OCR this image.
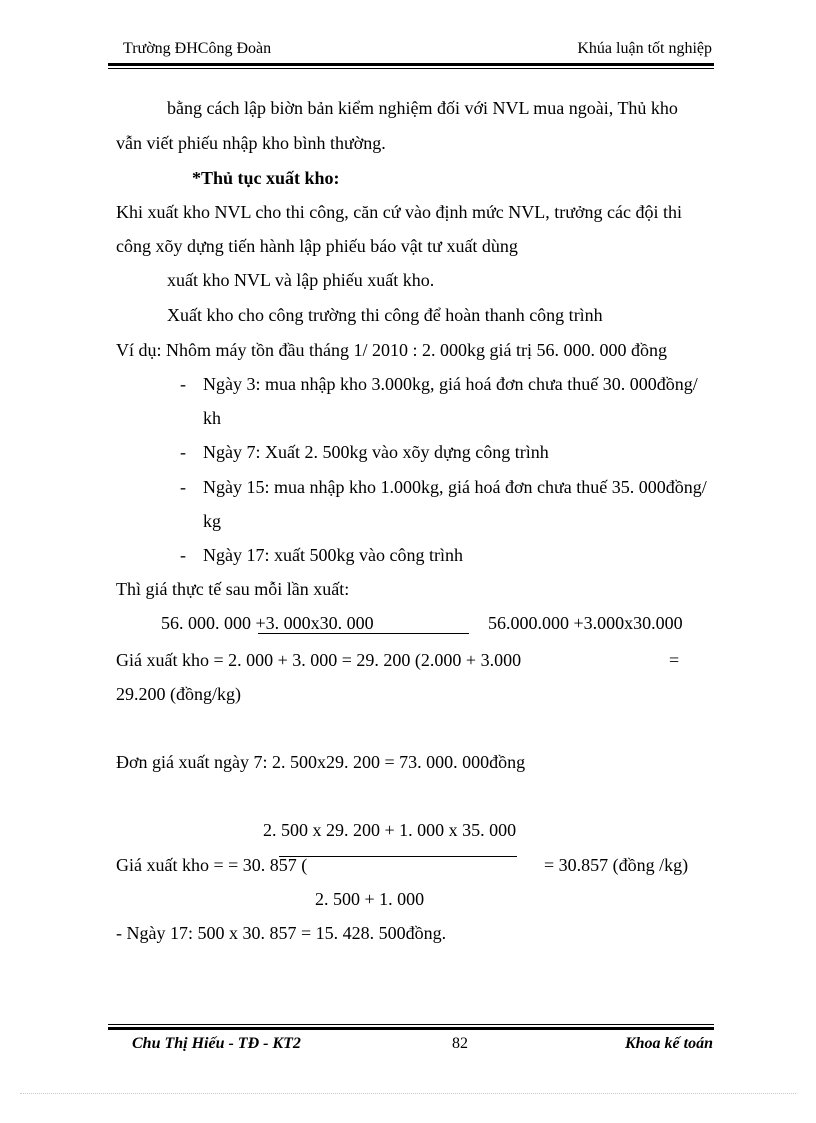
Trường ĐHCông Đoàn	Khúa luận tốt nghiệp
bằng cách lập biờn bản kiểm nghiệm đối với NVL mua ngoài, Thủ kho
vẫn viết phiếu nhập kho bình thường.
*Thủ tục xuất kho:
Khi xuất kho NVL cho thi công, căn cứ vào định mức NVL, trưởng các đội thi
công xõy dựng tiến hành lập phiếu báo vật tư xuất dùng
xuất kho NVL và lập phiếu xuất kho.
Xuất kho cho công trường thi công để hoàn thanh công trình
Ví dụ: Nhôm máy tồn đầu tháng 1/ 2010 : 2. 000kg giá trị 56. 000. 000 đồng
- Ngày 3: mua nhập kho 3.000kg, giá hoá đơn chưa thuế 30. 000đồng/
kh
- Ngày 7: Xuất 2. 500kg vào xõy dựng công trình
- Ngày 15: mua nhập kho 1.000kg, giá hoá đơn chưa thuế 35. 000đồng/
kg
- Ngày 17: xuất 500kg vào công trình
Thì giá thực tế sau mỗi lần xuất:
56. 000. 000 +3. 000x30. 000	56.000.000 +3.000x30.000
Giá xuất kho = 2. 000 + 3. 000 = 29. 200 (2.000 + 3.000	=
29.200 (đồng/kg)
Đơn giá xuất ngày 7: 2. 500x29. 200 = 73. 000. 000đồng
2. 500 x 29. 200 + 1. 000 x 35. 000
Giá xuất kho = = 30. 857 (	= 30.857 (đồng /kg)
2. 500 + 1. 000
- Ngày 17: 500 x 30. 857 = 15. 428. 500đồng.
Chu Thị Hiếu - TĐ - KT2	82	Khoa kế toán
